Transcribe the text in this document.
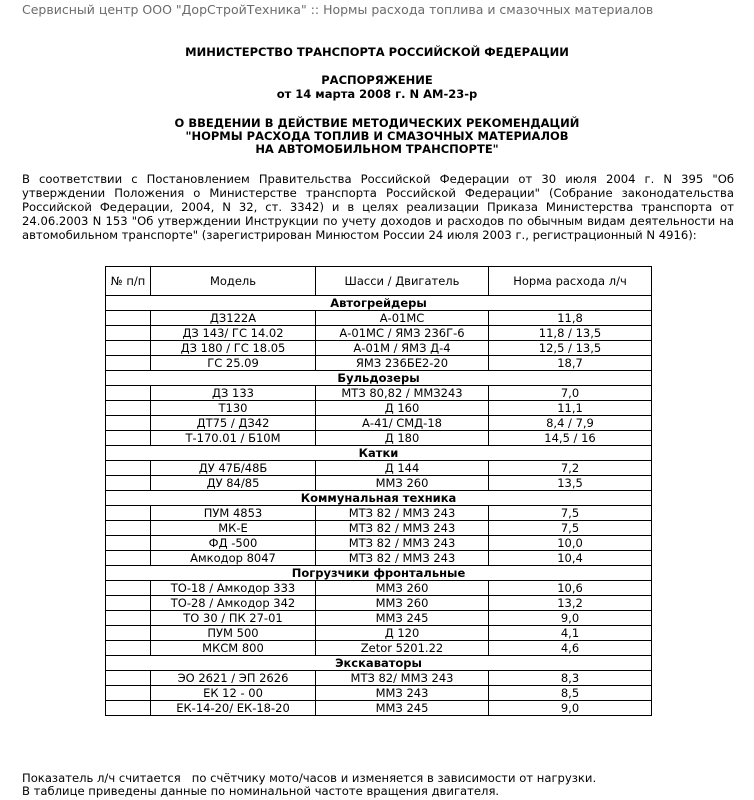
Сервисный центр ООО "ДорСтройТехника" :: Нормы расхода топлива и смазочных материалов
МИНИСТЕРСТВО ТРАНСПОРТА РОССИЙСКОЙ ФЕДЕРАЦИИ
РАСПОРЯЖЕНИЕ
от 14 марта 2008 г. N АМ-23-р
О ВВЕДЕНИИ В ДЕЙСТВИЕ МЕТОДИЧЕСКИХ РЕКОМЕНДАЦИЙ
"НОРМЫ РАСХОДА ТОПЛИВ И СМАЗОЧНЫХ МАТЕРИАЛОВ
НА АВТОМОБИЛЬНОМ ТРАНСПОРТЕ"
В соответствии с Постановлением Правительства Российской Федерации от 30 июля 2004 г. N 395 "Об утверждении Положения о Министерстве транспорта Российской Федерации" (Собрание законодательства Российской Федерации, 2004, N 32, ст. 3342) и в целях реализации Приказа Министерства транспорта от 24.06.2003 N 153 "Об утверждении Инструкции по учету доходов и расходов по обычным видам деятельности на автомобильном транспорте" (зарегистрирован Минюстом России 24 июля 2003 г., регистрационный N 4916):
№ п/п	Модель	Шасси / Двигатель	Норма расхода л/ч
Автогрейдеры			
	ДЗ122А	А-01МС	11,8
	ДЗ 143/ ГС 14.02	А-01МС / ЯМЗ 236Г-6	11,8 / 13,5
	ДЗ 180 / ГС 18.05	А-01М / ЯМЗ Д-4	12,5 / 13,5
	ГС 25.09	ЯМЗ 236БЕ2-20	18,7
Бульдозеры			
	ДЗ 133	МТЗ 80,82 / ММЗ243	7,0
	Т130	Д 160	11,1
	ДТ75 / ДЗ42	А-41/ СМД-18	8,4 / 7,9
	Т-170.01 / Б10М	Д 180	14,5 / 16
Катки			
	ДУ 47Б/48Б	Д 144	7,2
	ДУ 84/85	ММЗ 260	13,5
Коммунальная техника			
	ПУМ 4853	МТЗ 82 / ММЗ 243	7,5
	МК-Е	МТЗ 82 / ММЗ 243	7,5
	ФД -500	МТЗ 82 / ММЗ 243	10,0
	Амкодор 8047	МТЗ 82 / ММЗ 243	10,4
Погрузчики фронтальные			
	ТО-18 / Амкодор 333	ММЗ 260	10,6
	ТО-28 / Амкодор 342	ММЗ 260	13,2
	ТО 30 / ПК 27-01	ММЗ 245	9,0
	ПУМ 500	Д 120	4,1
	МКСМ 800	Zetor 5201.22	4,6
Экскаваторы			
	ЭО 2621 / ЭП 2626	МТЗ 82/ ММЗ 243	8,3
	ЕК 12 - 00	ММЗ 243	8,5
	ЕК-14-20/ ЕК-18-20	ММЗ 245	9,0
Показатель л/ч считается   по счётчику мото/часов и изменяется в зависимости от нагрузки.
В таблице приведены данные по номинальной частоте вращения двигателя.
